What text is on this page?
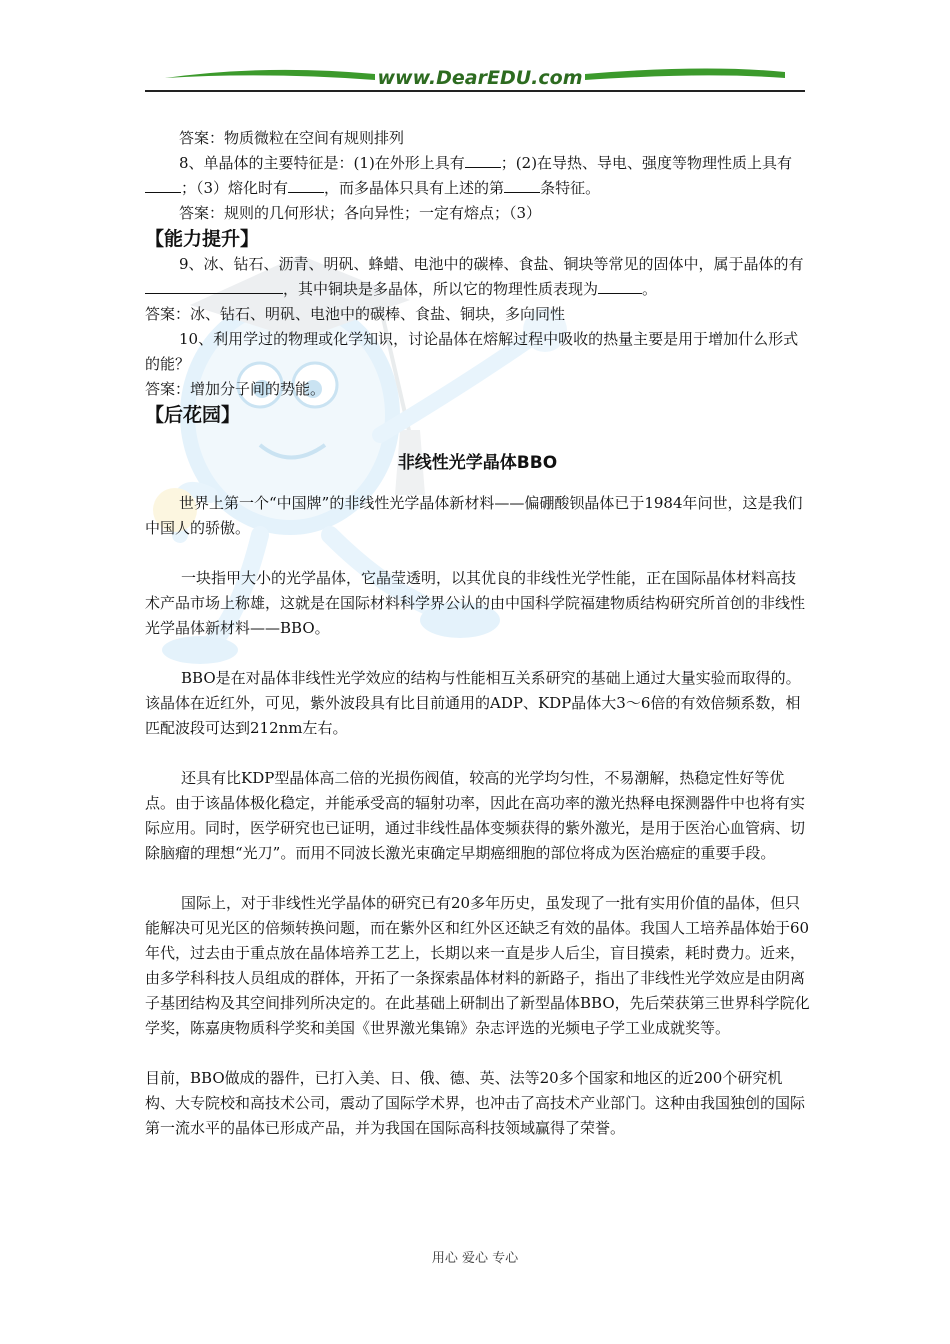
www.DearEDU.com

答案：物质微粒在空间有规则排列

8、单晶体的主要特征是：(1)在外形上具有 ；(2)在导热、导电、强度等物理性质上具有；（3）熔化时有 ，而多晶体只具有上述的第 条特征。

答案：规则的几何形状；各向异性；一定有熔点；（3）

【能力提升】

9、冰、钻石、沥青、明矾、蜂蜡、电池中的碳棒、食盐、铜块等常见的固体中，属于晶体的有，其中铜块是多晶体，所以它的物理性质表现为	。

答案：冰、钻石、明矾、电池中的碳棒、食盐、铜块，多向同性

10、利用学过的物理或化学知识，讨论晶体在熔解过程中吸收的热量主要是用于增加什么形式的能？

答案：增加分子间的势能。

【后花园】

非线性光学晶体BBO

世界上第一个“中国牌”的非线性光学晶体新材料——偏硼酸钡晶体已于1984年问世，这是我们中国人的骄傲。

一块指甲大小的光学晶体，它晶莹透明，以其优良的非线性光学性能，正在国际晶体材料高技术产品市场上称雄，这就是在国际材料科学界公认的由中国科学院福建物质结构研究所首创的非线性光学晶体新材料——BBO。

BBO是在对晶体非线性光学效应的结构与性能相互关系研究的基础上通过大量实验而取得的。该晶体在近红外，可见，紫外波段具有比目前通用的ADP、KDP晶体大3～6倍的有效倍频系数，相匹配波段可达到212nm左右。

还具有比KDP型晶体高二倍的光损伤阀值，较高的光学均匀性，不易潮解，热稳定性好等优点。由于该晶体极化稳定，并能承受高的辐射功率，因此在高功率的激光热释电探测器件中也将有实际应用。同时，医学研究也已证明，通过非线性晶体变频获得的紫外激光，是用于医治心血管病、切除脑瘤的理想“光刀”。而用不同波长激光束确定早期癌细胞的部位将成为医治癌症的重要手段。

国际上，对于非线性光学晶体的研究已有20多年历史，虽发现了一批有实用价值的晶体，但只能解决可见光区的倍频转换问题，而在紫外区和红外区还缺乏有效的晶体。我国人工培养晶体始于60年代，过去由于重点放在晶体培养工艺上，长期以来一直是步人后尘，盲目摸索，耗时费力。近来，由多学科科技人员组成的群体，开拓了一条探索晶体材料的新路子，指出了非线性光学效应是由阴离子基团结构及其空间排列所决定的。在此基础上研制出了新型晶体BBO，先后荣获第三世界科学院化学奖，陈嘉庚物质科学奖和美国《世界激光集锦》杂志评选的光频电子学工业成就奖等。

目前，BBO做成的器件，已打入美、日、俄、德、英、法等20多个国家和地区的近200个研究机构、大专院校和高技术公司，震动了国际学术界，也冲击了高技术产业部门。这种由我国独创的国际第一流水平的晶体已形成产品，并为我国在国际高科技领域赢得了荣誉。

用心 爱心 专心
